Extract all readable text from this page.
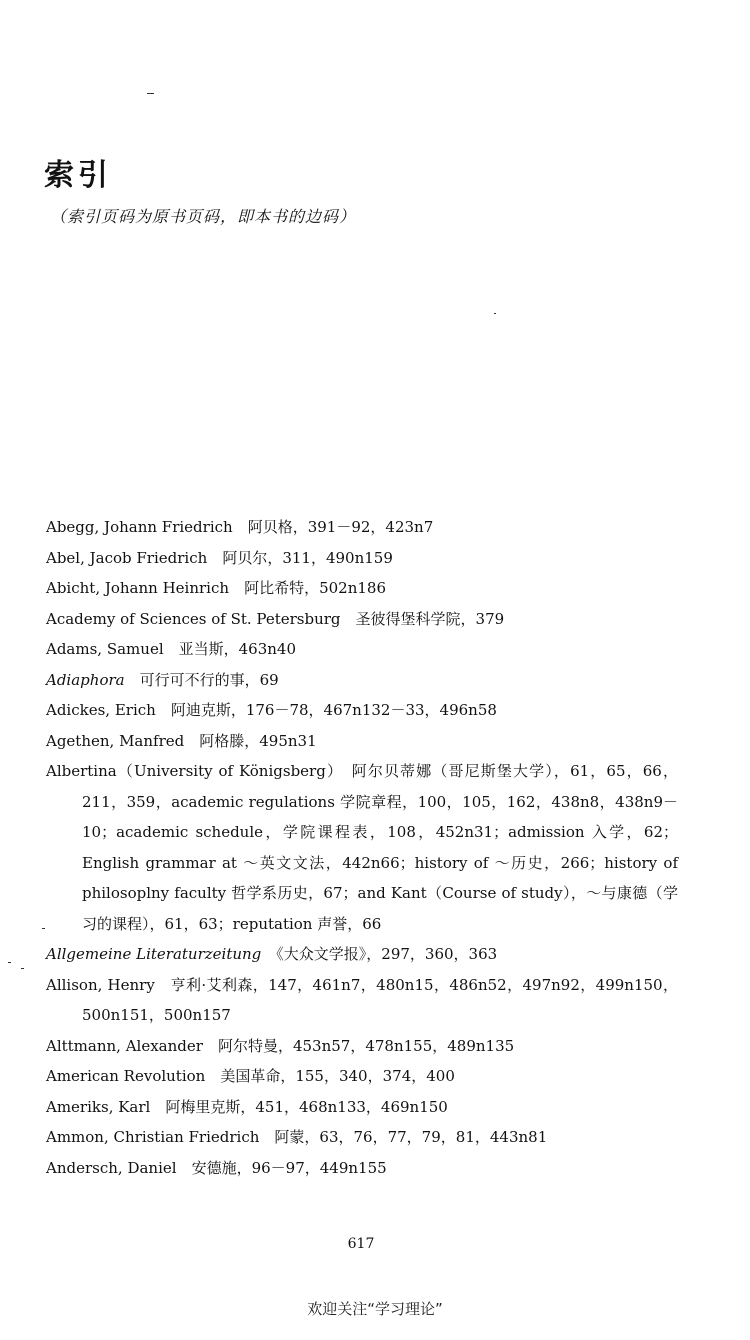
索引

（索引页码为原书页码，即本书的边码）

Abegg, Johann Friedrich　 阿贝格，391－92，423n7

Abel, Jacob Friedrich　 阿贝尔，311，490n159

Abicht, Johann Heinrich　 阿比希特，502n186

Academy of Sciences of St. Petersburg　 圣彼得堡科学院，379

Adams, Samuel　 亚当斯，463n40

Adiaphora　 可行可不行的事，69

Adickes, Erich　 阿迪克斯，176－78，467n132－33，496n58

Agethen, Manfred　 阿格滕，495n31

Albertina（University of Königsberg）　 阿尔贝蒂娜（哥尼斯堡大学），61，65，66，211，359，academic regulations 学院章程，100，105，162，438n8，438n9－10；academic schedule，学院课程表，108，452n31；admission 入学，62；English grammar at ～英文文法，442n66；history of ～历史，266；history of philosoplny faculty 哲学系历史，67；and Kant（Course of study），～与康德（学习的课程），61，63；reputation 声誉，66

Allgemeine Literaturzeitung　 《大众文学报》，297，360，363

Allison, Henry　 亨利·艾利森，147，461n7，480n15，486n52，497n92，499n150，500n151，500n157

Alttmann, Alexander　 阿尔特曼，453n57，478n155，489n135

American Revolution　 美国革命，155，340，374，400

Ameriks, Karl　 阿梅里克斯，451，468n133，469n150

Ammon, Christian Friedrich　 阿蒙，63，76，77，79，81，443n81

Andersch, Daniel　 安德施，96－97，449n155

617
欢迎关注“学习理论”
